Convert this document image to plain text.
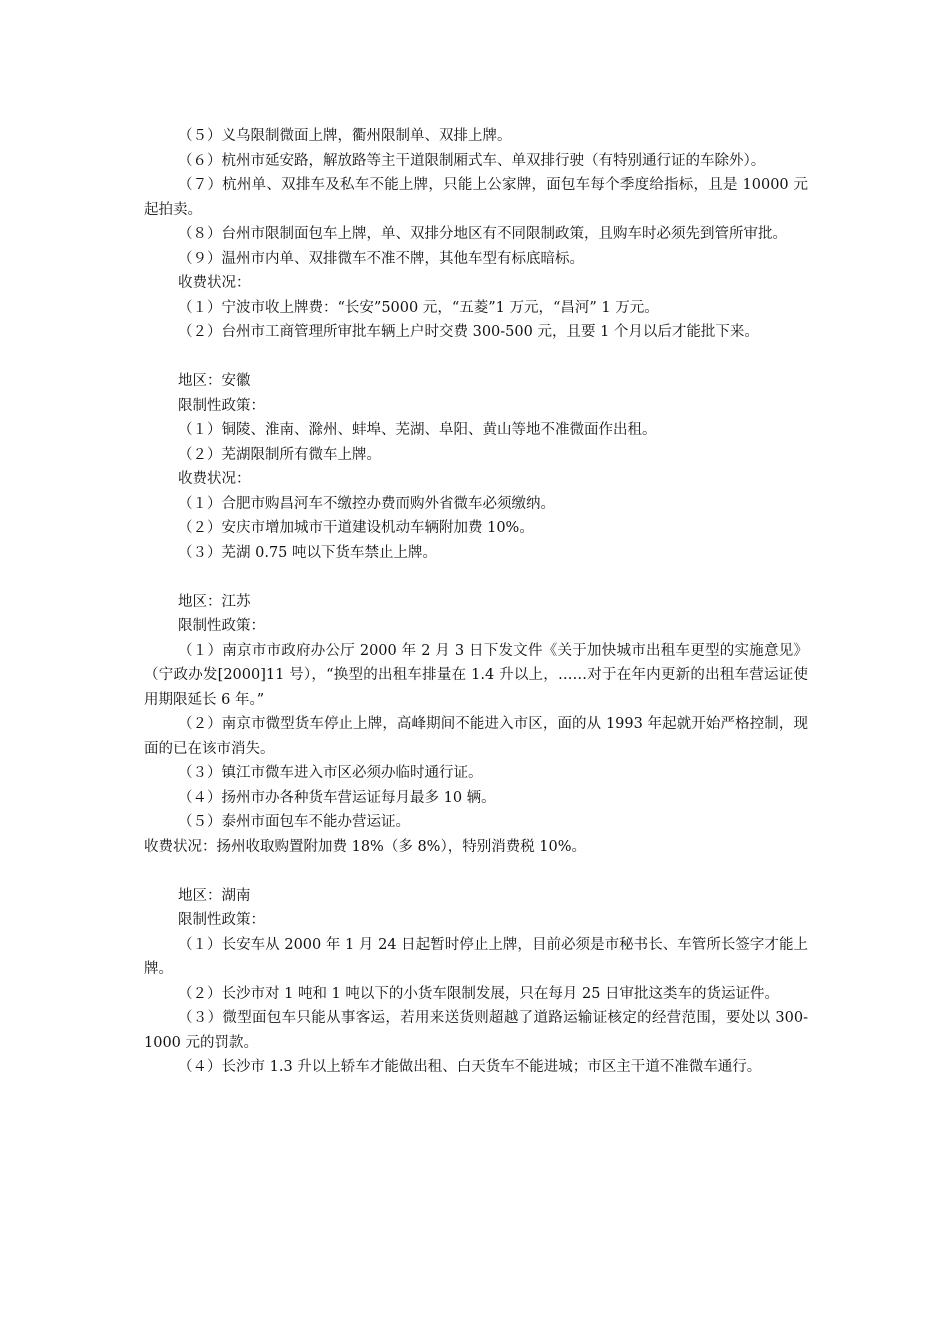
（５）义乌限制微面上牌，衢州限制单、双排上牌。

（６）杭州市延安路，解放路等主干道限制厢式车、单双排行驶（有特别通行证的车除外）。

（７）杭州单、双排车及私车不能上牌，只能上公家牌，面包车每个季度给指标，且是 10000 元起拍卖。

（８）台州市限制面包车上牌，单、双排分地区有不同限制政策，且购车时必须先到管所审批。

（９）温州市内单、双排微车不准不牌，其他车型有标底暗标。

收费状况：

（１）宁波市收上牌费：“长安”5000 元，“五菱”1 万元，“昌河” 1 万元。

（２）台州市工商管理所审批车辆上户时交费 300-500 元，且要 1 个月以后才能批下来。

地区：安徽

限制性政策：

（１）铜陵、淮南、滁州、蚌埠、芜湖、阜阳、黄山等地不准微面作出租。

（２）芜湖限制所有微车上牌。

收费状况：

（１）合肥市购昌河车不缴控办费而购外省微车必须缴纳。

（２）安庆市增加城市干道建设机动车辆附加费 10%。

（３）芜湖 0.75 吨以下货车禁止上牌。

地区：江苏

限制性政策：

（１）南京市市政府办公厅 2000 年 2 月 3 日下发文件《关于加快城市出租车更型的实施意见》（宁政办发[2000]11 号），“换型的出租车排量在 1.4 升以上，……对于在年内更新的出租车营运证使用期限延长 6 年。”

（２）南京市微型货车停止上牌，高峰期间不能进入市区，面的从 1993 年起就开始严格控制，现面的已在该市消失。

（３）镇江市微车进入市区必须办临时通行证。

（４）扬州市办各种货车营运证每月最多 10 辆。

（５）泰州市面包车不能办营运证。

收费状况：扬州收取购置附加费 18%（多 8%），特别消费税 10%。

地区：湖南

限制性政策：

（１）长安车从 2000 年 1 月 24 日起暂时停止上牌，目前必须是市秘书长、车管所长签字才能上牌。

（２）长沙市对 1 吨和 1 吨以下的小货车限制发展，只在每月 25 日审批这类车的货运证件。

（３）微型面包车只能从事客运，若用来送货则超越了道路运输证核定的经营范围，要处以 300-1000 元的罚款。

（４）长沙市 1.3 升以上轿车才能做出租、白天货车不能进城；市区主干道不准微车通行。
